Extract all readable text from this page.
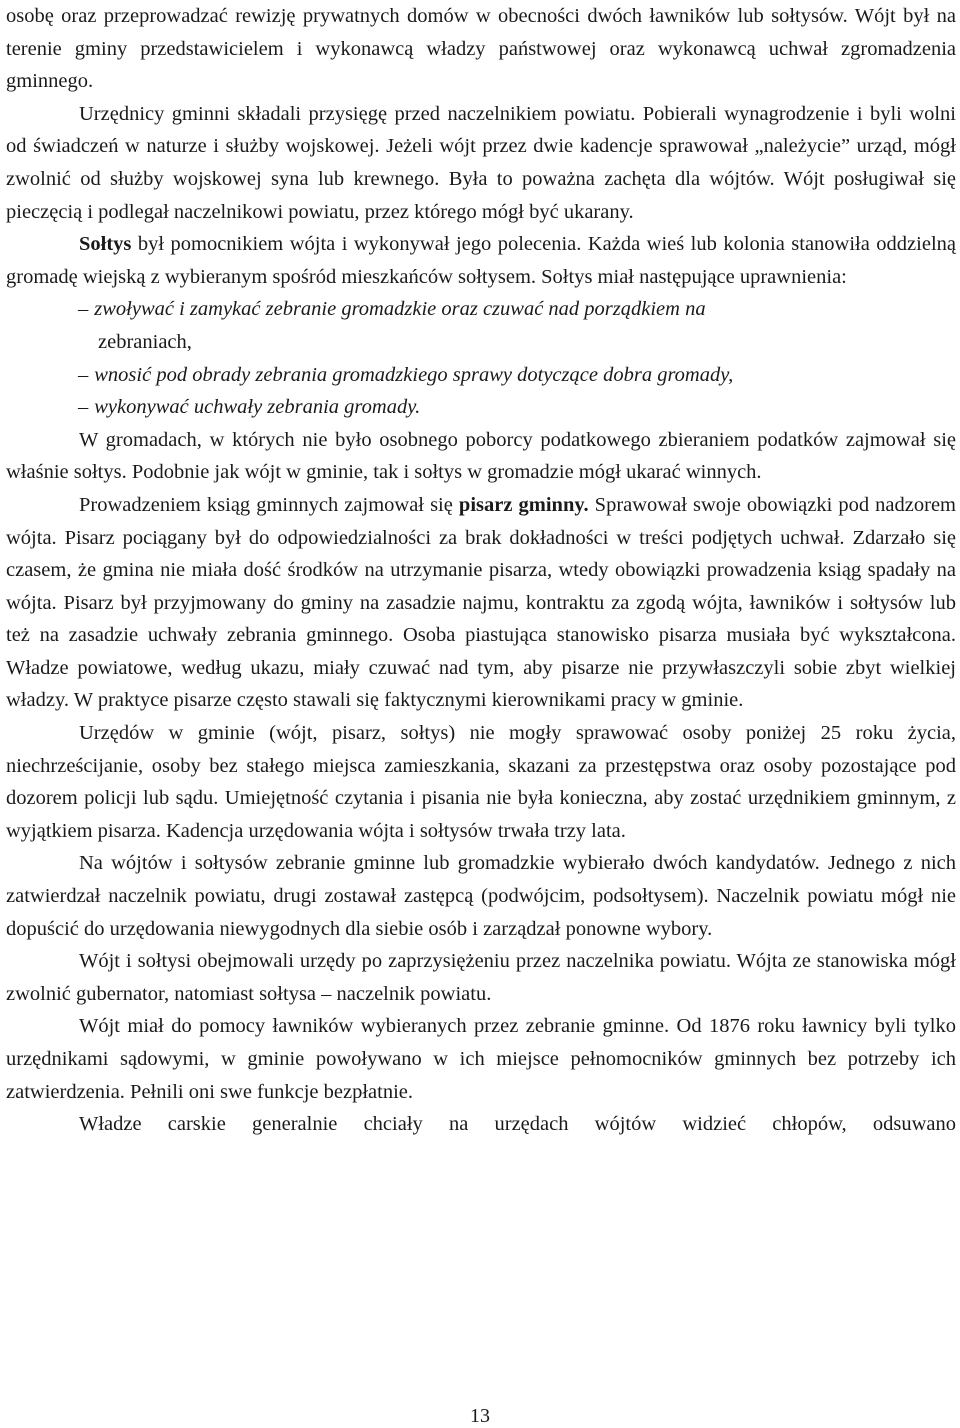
osobę oraz przeprowadzać rewizję prywatnych domów w obecności dwóch ławników lub sołtysów. Wójt był na terenie gminy przedstawicielem i wykonawcą władzy państwowej oraz wykonawcą uchwał zgromadzenia gminnego.

Urzędnicy gminni składali przysięgę przed naczelnikiem powiatu. Pobierali wynagrodzenie i byli wolni od świadczeń w naturze i służby wojskowej. Jeżeli wójt przez dwie kadencje sprawował „należycie” urząd, mógł zwolnić od służby wojskowej syna lub krewnego. Była to poważna zachęta dla wójtów. Wójt posługiwał się pieczęcią i podlegał naczelnikowi powiatu, przez którego mógł być ukarany.

Sołtys był pomocnikiem wójta i wykonywał jego polecenia. Każda wieś lub kolonia stanowiła oddzielną gromadę wiejską z wybieranym spośród mieszkańców sołtysem. Sołtys miał następujące uprawnienia:

– zwoływać i zamykać zebranie gromadzkie oraz czuwać nad porządkiem na
zebraniach,
– wnosić pod obrady zebrania gromadzkiego sprawy dotyczące dobra gromady,
– wykonywać uchwały zebrania gromady.

W gromadach, w których nie było osobnego poborcy podatkowego zbieraniem podatków zajmował się właśnie sołtys. Podobnie jak wójt w gminie, tak i sołtys w gromadzie mógł ukarać winnych.

Prowadzeniem ksiąg gminnych zajmował się pisarz gminny. Sprawował swoje obowiązki pod nadzorem wójta. Pisarz pociągany był do odpowiedzialności za brak dokładności w treści podjętych uchwał. Zdarzało się czasem, że gmina nie miała dość środków na utrzymanie pisarza, wtedy obowiązki prowadzenia ksiąg spadały na wójta. Pisarz był przyjmowany do gminy na zasadzie najmu, kontraktu za zgodą wójta, ławników i sołtysów lub też na zasadzie uchwały zebrania gminnego. Osoba piastująca stanowisko pisarza musiała być wykształcona. Władze powiatowe, według ukazu, miały czuwać nad tym, aby pisarze nie przywłaszczyli sobie zbyt wielkiej władzy. W praktyce pisarze często stawali się faktycznymi kierownikami pracy w gminie.

Urzędów w gminie (wójt, pisarz, sołtys) nie mogły sprawować osoby poniżej 25 roku życia, niechrześcijanie, osoby bez stałego miejsca zamieszkania, skazani za przestępstwa oraz osoby pozostające pod dozorem policji lub sądu. Umiejętność czytania i pisania nie była konieczna, aby zostać urzędnikiem gminnym, z wyjątkiem pisarza. Kadencja urzędowania wójta i sołtysów trwała trzy lata.

Na wójtów i sołtysów zebranie gminne lub gromadzkie wybierało dwóch kandydatów. Jednego z nich zatwierdzał naczelnik powiatu, drugi zostawał zastępcą (podwójcim, podsołtysem). Naczelnik powiatu mógł nie dopuścić do urzędowania niewygodnych dla siebie osób i zarządzał ponowne wybory.

Wójt i sołtysi obejmowali urzędy po zaprzysiężeniu przez naczelnika powiatu. Wójta ze stanowiska mógł zwolnić gubernator, natomiast sołtysa – naczelnik powiatu.

Wójt miał do pomocy ławników wybieranych przez zebranie gminne. Od 1876 roku ławnicy byli tylko urzędnikami sądowymi, w gminie powoływano w ich miejsce pełnomocników gminnych bez potrzeby ich zatwierdzenia. Pełnili oni swe funkcje bezpłatnie.

Władze carskie generalnie chciały na urzędach wójtów widzieć chłopów, odsuwano

13
